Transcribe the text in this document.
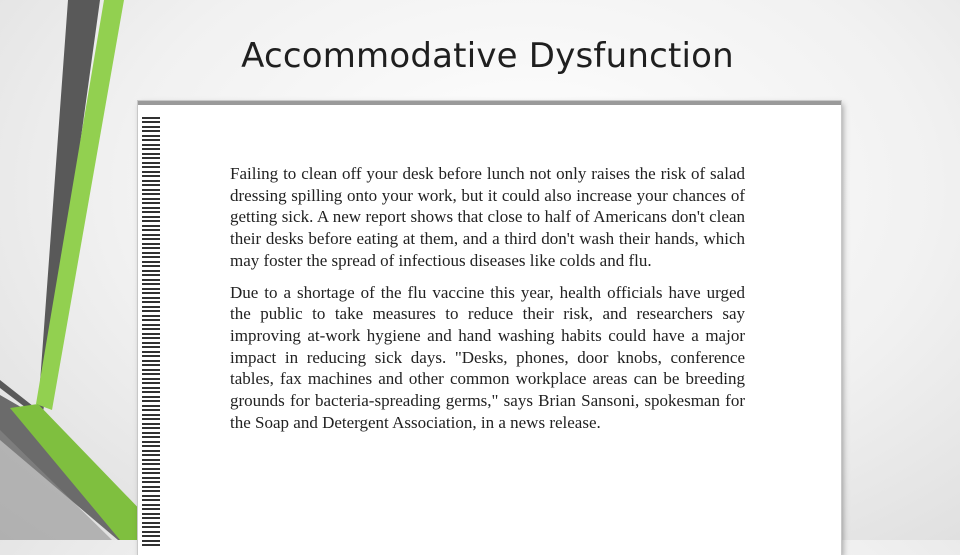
Accommodative Dysfunction

Failing to clean off your desk before lunch not only raises the risk of salad dressing spilling onto your work, but it could also increase your chances of getting sick. A new report shows that close to half of Americans don't clean their desks before eating at them, and a third don't wash their hands, which may foster the spread of infectious diseases like colds and flu.

Due to a shortage of the flu vaccine this year, health officials have urged the public to take measures to reduce their risk, and researchers say improving at-work hygiene and hand washing habits could have a major impact in reducing sick days. "Desks, phones, door knobs, conference tables, fax machines and other common workplace areas can be breeding grounds for bacteria-spreading germs," says Brian Sansoni, spokesman for the Soap and Detergent Association, in a news release.
